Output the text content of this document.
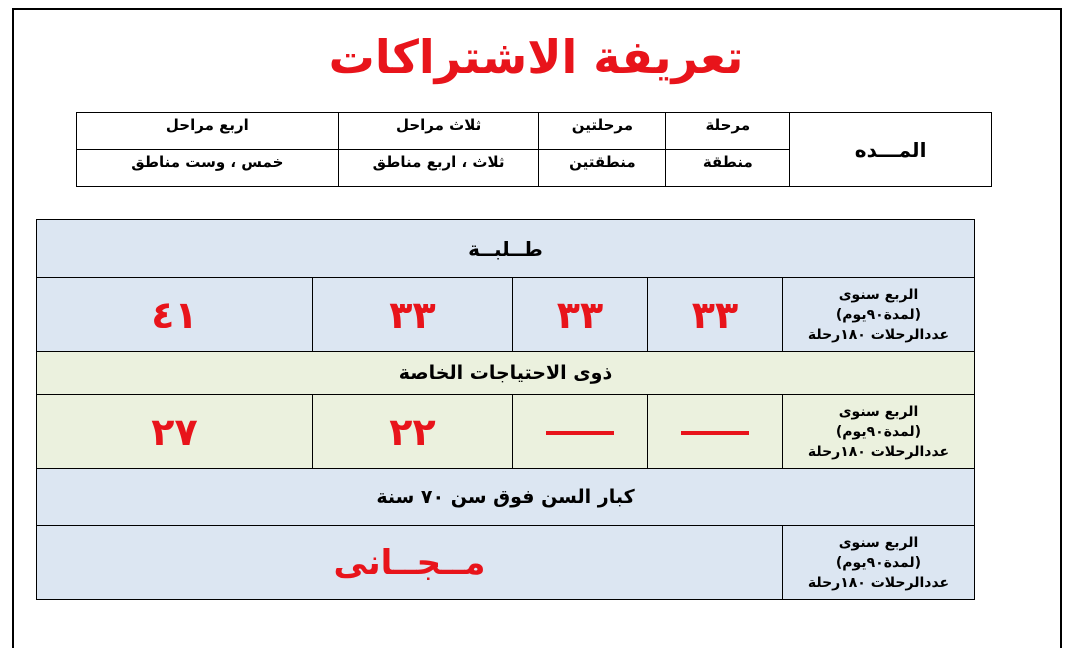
تعريفة الاشتراكات
المـــده	مرحلة	مرحلتين	ثلاث مراحل	اربع مراحل
	منطقة	منطقتين	ثلاث ، اربع مناطق	خمس ، وست مناطق
طــلبــة				

الربع سنوى
(لمدة٩٠يوم)
عددالرحلات ١٨٠رحلة	٣٣	٣٣	٣٣	٤١
ذوى الاحتياجات الخاصة				

الربع سنوى
(لمدة٩٠يوم)
عددالرحلات ١٨٠رحلة			٢٢	٢٧
كبار السن فوق سن ٧٠ سنة				

الربع سنوى
(لمدة٩٠يوم)
عددالرحلات ١٨٠رحلة	مــجــانى			
